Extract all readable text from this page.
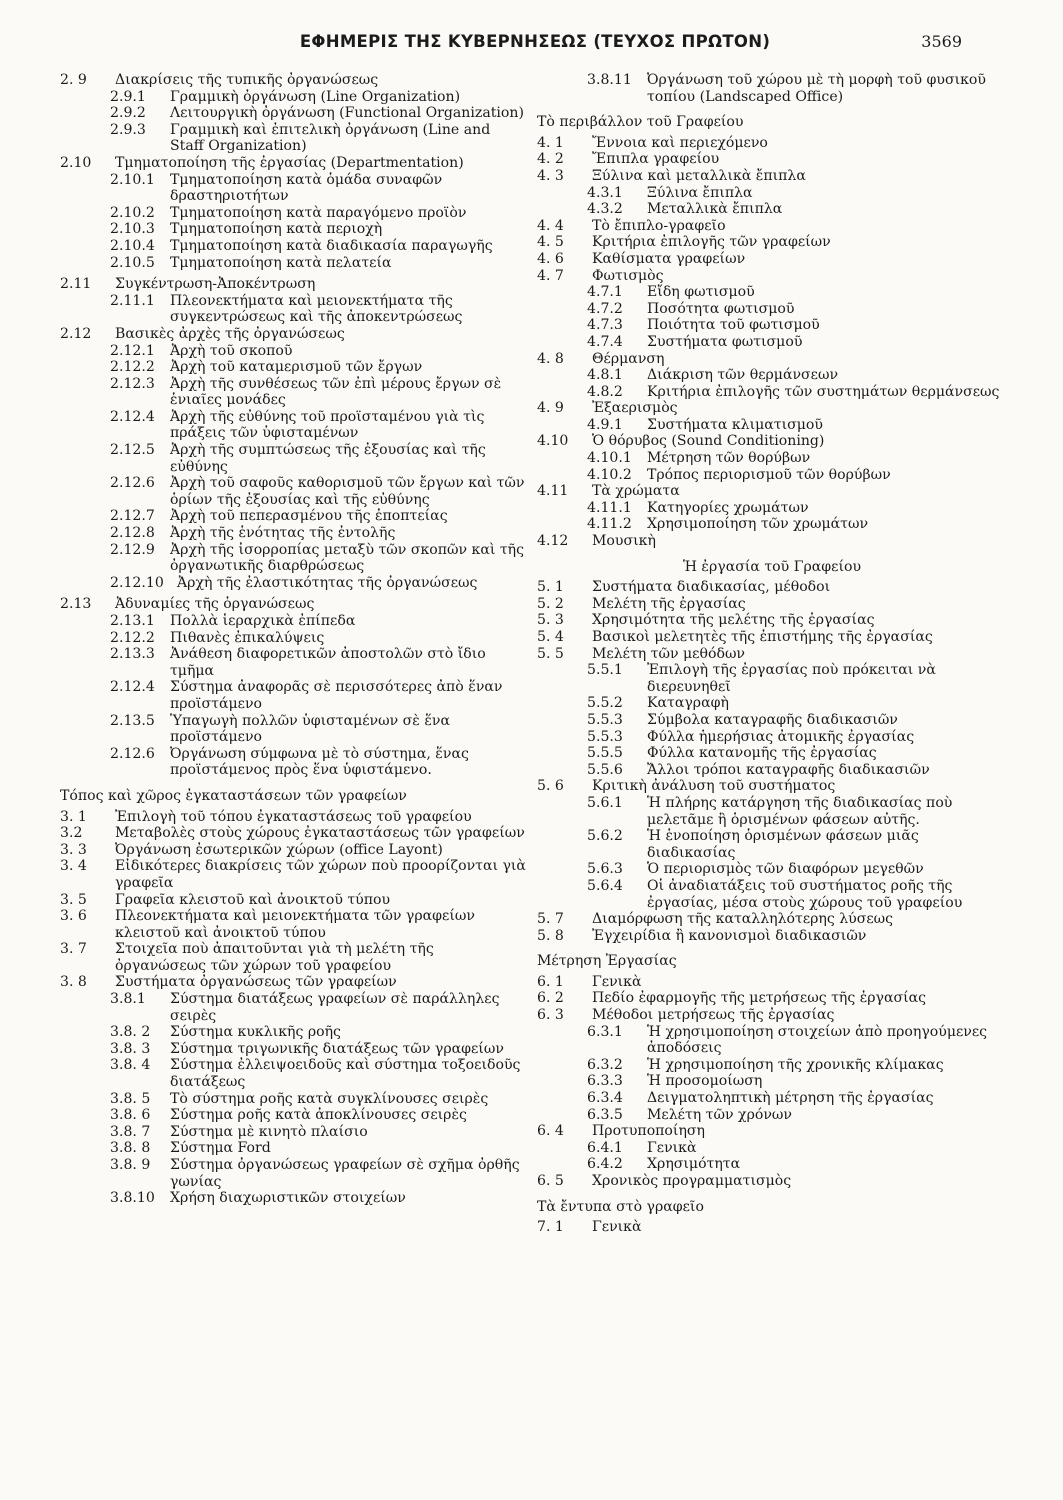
ΕΦΗΜΕΡΙΣ ΤΗΣ ΚΥΒΕΡΝΗΣΕΩΣ (ΤΕΥΧΟΣ ΠΡΩΤΟΝ)	3569
2. 9	Διακρίσεις τῆς τυπικῆς ὀργανώσεως
2.9.1	Γραμμικὴ ὀργάνωση (Line Organization)
2.9.2	Λειτουργικὴ ὀργάνωση (Functional Organization)
2.9.3	Γραμμικὴ καὶ ἐπιτελικὴ ὀργάνωση (Line and Staff Organization)
2.10	Τμηματοποίηση τῆς ἐργασίας (Departmentation)
2.10.1	Τμηματοποίηση κατὰ ὁμάδα συναφῶν δραστηριοτήτων
2.10.2	Τμηματοποίηση κατὰ παραγόμενο προϊὸν
2.10.3	Τμηματοποίηση κατὰ περιοχὴ
2.10.4	Τμηματοποίηση κατὰ διαδικασία παραγωγῆς
2.10.5	Τμηματοποίηση κατὰ πελατεία
2.11	Συγκέντρωση-Ἀποκέντρωση
2.11.1	Πλεονεκτήματα καὶ μειονεκτήματα τῆς συγκεντρώσεως καὶ τῆς ἀποκεντρώσεως
2.12	Βασικὲς ἀρχὲς τῆς ὀργανώσεως
2.12.1	Ἀρχὴ τοῦ σκοποῦ
2.12.2	Ἀρχὴ τοῦ καταμερισμοῦ τῶν ἔργων
2.12.3	Ἀρχὴ τῆς συνθέσεως τῶν ἐπὶ μέρους ἔργων σὲ ἑνιαῖες μονάδες
2.12.4	Ἀρχὴ τῆς εὐθύνης τοῦ προϊσταμένου γιὰ τὶς πράξεις τῶν ὑφισταμένων
2.12.5	Ἀρχὴ τῆς συμπτώσεως τῆς ἐξουσίας καὶ τῆς εὐθύνης
2.12.6	Ἀρχὴ τοῦ σαφοῦς καθορισμοῦ τῶν ἔργων καὶ τῶν ὁρίων τῆς ἐξουσίας καὶ τῆς εὐθύνης
2.12.7	Ἀρχὴ τοῦ πεπερασμένου τῆς ἐποπτείας
2.12.8	Ἀρχὴ τῆς ἑνότητας τῆς ἐντολῆς
2.12.9	Ἀρχὴ τῆς ἰσορροπίας μεταξὺ τῶν σκοπῶν καὶ τῆς ὀργανωτικῆς διαρθρώσεως
2.12.10 Ἀρχὴ τῆς ἐλαστικότητας τῆς ὀργανώσεως
2.13	Ἀδυναμίες τῆς ὀργανώσεως
2.13.1	Πολλὰ ἱεραρχικὰ ἐπίπεδα
2.12.2	Πιθανὲς ἐπικαλύψεις
2.13.3	Ἀνάθεση διαφορετικῶν ἀποστολῶν στὸ ἴδιο τμῆμα
2.12.4	Σύστημα ἀναφορᾶς σὲ περισσότερες ἀπὸ ἕναν προϊστάμενο
2.13.5	Ὑπαγωγὴ πολλῶν ὑφισταμένων σὲ ἕνα προϊστάμενο
2.12.6	Ὀργάνωση σύμφωνα μὲ τὸ σύστημα, ἕνας προϊστάμενος πρὸς ἕνα ὑφιστάμενο.
Τόπος καὶ χῶρος ἐγκαταστάσεων τῶν γραφείων
3. 1	Ἐπιλογὴ τοῦ τόπου ἐγκαταστάσεως τοῦ γραφείου
3.2	Μεταβολὲς στοὺς χώρους ἐγκαταστάσεως τῶν γραφείων
3. 3	Ὀργάνωση ἐσωτερικῶν χώρων (office Layont)
3. 4	Εἰδικότερες διακρίσεις τῶν χώρων ποὺ προορίζονται γιὰ γραφεῖα
3. 5	Γραφεῖα κλειστοῦ καὶ ἀνοικτοῦ τύπου
3. 6	Πλεονεκτήματα καὶ μειονεκτήματα τῶν γραφείων κλειστοῦ καὶ ἀνοικτοῦ τύπου
3. 7	Στοιχεῖα ποὺ ἀπαιτοῦνται γιὰ τὴ μελέτη τῆς ὀργανώσεως τῶν χώρων τοῦ γραφείου
3. 8	Συστήματα ὀργανώσεως τῶν γραφείων
3.8.1	Σύστημα διατάξεως γραφείων σὲ παράλληλες σειρὲς
3.8. 2	Σύστημα κυκλικῆς ροῆς
3.8. 3	Σύστημα τριγωνικῆς διατάξεως τῶν γραφείων
3.8. 4	Σύστημα ἐλλειψοειδοῦς καὶ σύστημα τοξοειδοῦς διατάξεως
3.8. 5	Τὸ σύστημα ροῆς κατὰ συγκλίνουσες σειρὲς
3.8. 6	Σύστημα ροῆς κατὰ ἀποκλίνουσες σειρὲς
3.8. 7	Σύστημα μὲ κινητὸ πλαίσιο
3.8. 8	Σύστημα Ford
3.8. 9	Σύστημα ὀργανώσεως γραφείων σὲ σχῆμα ὀρθῆς γωνίας
3.8.10	Χρήση διαχωριστικῶν στοιχείων
3.8.11	Ὀργάνωση τοῦ χώρου μὲ τὴ μορφὴ τοῦ φυσικοῦ τοπίου (Landscaped Office)
Τὸ περιβάλλον τοῦ Γραφείου
4. 1	Ἔννοια καὶ περιεχόμενο
4. 2	Ἔπιπλα γραφείου
4. 3	Ξύλινα καὶ μεταλλικὰ ἔπιπλα
4.3.1	Ξύλινα ἔπιπλα
4.3.2	Μεταλλικὰ ἔπιπλα
4. 4	Τὸ ἔπιπλο-γραφεῖο
4. 5	Κριτήρια ἐπιλογῆς τῶν γραφείων
4. 6	Καθίσματα γραφείων
4. 7	Φωτισμὸς
4.7.1	Εἴδη φωτισμοῦ
4.7.2	Ποσότητα φωτισμοῦ
4.7.3	Ποιότητα τοῦ φωτισμοῦ
4.7.4	Συστήματα φωτισμοῦ
4. 8	Θέρμανση
4.8.1	Διάκριση τῶν θερμάνσεων
4.8.2	Κριτήρια ἐπιλογῆς τῶν συστημάτων θερμάνσεως
4. 9	Ἐξαερισμὸς
4.9.1	Συστήματα κλιματισμοῦ
4.10	Ὁ θόρυβος (Sound Conditioning)
4.10.1	Μέτρηση τῶν θορύβων
4.10.2	Τρόπος περιορισμοῦ τῶν θορύβων
4.11	Τὰ χρώματα
4.11.1	Κατηγορίες χρωμάτων
4.11.2	Χρησιμοποίηση τῶν χρωμάτων
4.12	Μουσικὴ
Ἡ ἐργασία τοῦ Γραφείου
5. 1	Συστήματα διαδικασίας, μέθοδοι
5. 2	Μελέτη τῆς ἐργασίας
5. 3	Χρησιμότητα τῆς μελέτης τῆς ἐργασίας
5. 4	Βασικοὶ μελετητὲς τῆς ἐπιστήμης τῆς ἐργασίας
5. 5	Μελέτη τῶν μεθόδων
5.5.1	Ἐπιλογὴ τῆς ἐργασίας ποὺ πρόκειται νὰ διερευνηθεῖ
5.5.2	Καταγραφὴ
5.5.3	Σύμβολα καταγραφῆς διαδικασιῶν
5.5.3	Φύλλα ἡμερήσιας ἀτομικῆς ἐργασίας
5.5.5	Φύλλα κατανομῆς τῆς ἐργασίας
5.5.6	Ἄλλοι τρόποι καταγραφῆς διαδικασιῶν
5. 6	Κριτικὴ ἀνάλυση τοῦ συστήματος
5.6.1	Ἡ πλήρης κατάργηση τῆς διαδικασίας ποὺ μελετᾶμε ἢ ὁρισμένων φάσεων αὐτῆς.
5.6.2	Ἡ ἑνοποίηση ὁρισμένων φάσεων μιᾶς διαδικασίας
5.6.3	Ὁ περιορισμὸς τῶν διαφόρων μεγεθῶν
5.6.4	Οἱ ἀναδιατάξεις τοῦ συστήματος ροῆς τῆς ἐργασίας, μέσα στοὺς χώρους τοῦ γραφείου
5. 7	Διαμόρφωση τῆς καταλληλότερης λύσεως
5. 8	Ἐγχειρίδια ἢ κανονισμοὶ διαδικασιῶν
Μέτρηση Ἐργασίας
6. 1	Γενικὰ
6. 2	Πεδίο ἐφαρμογῆς τῆς μετρήσεως τῆς ἐργασίας
6. 3	Μέθοδοι μετρήσεως τῆς ἐργασίας
6.3.1	Ἡ χρησιμοποίηση στοιχείων ἀπὸ προηγούμενες ἀποδόσεις
6.3.2	Ἡ χρησιμοποίηση τῆς χρονικῆς κλίμακας
6.3.3	Ἡ προσομοίωση
6.3.4	Δειγματοληπτικὴ μέτρηση τῆς ἐργασίας
6.3.5	Μελέτη τῶν χρόνων
6. 4	Προτυποποίηση
6.4.1	Γενικὰ
6.4.2	Χρησιμότητα
6. 5	Χρονικὸς προγραμματισμὸς
Τὰ ἔντυπα στὸ γραφεῖο
7. 1	Γενικὰ
